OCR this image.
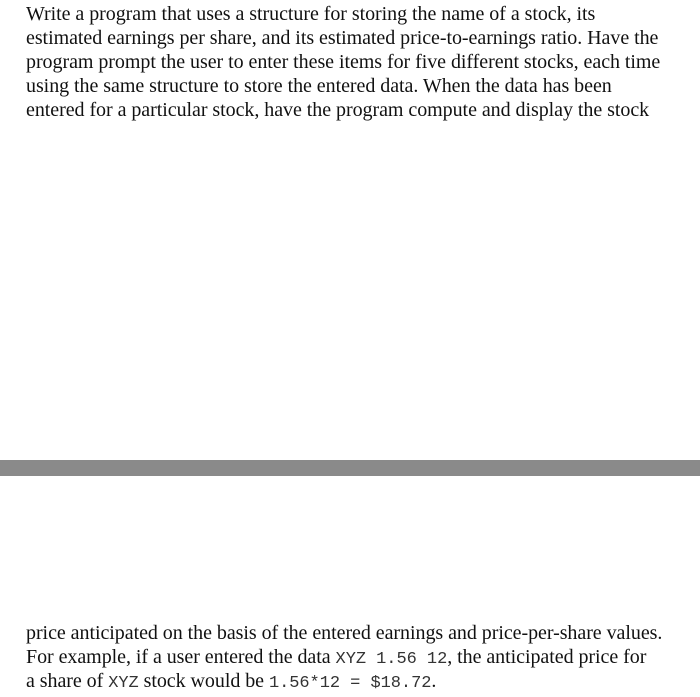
Write a program that uses a structure for storing the name of a stock, its
estimated earnings per share, and its estimated price-to-earnings ratio. Have the
program prompt the user to enter these items for five different stocks, each time
using the same structure to store the entered data. When the data has been
entered for a particular stock, have the program compute and display the stock
price anticipated on the basis of the entered earnings and price-per-share values.
For example, if a user entered the data XYZ 1.56 12, the anticipated price for
a share of XYZ stock would be 1.56*12 = $18.72.
